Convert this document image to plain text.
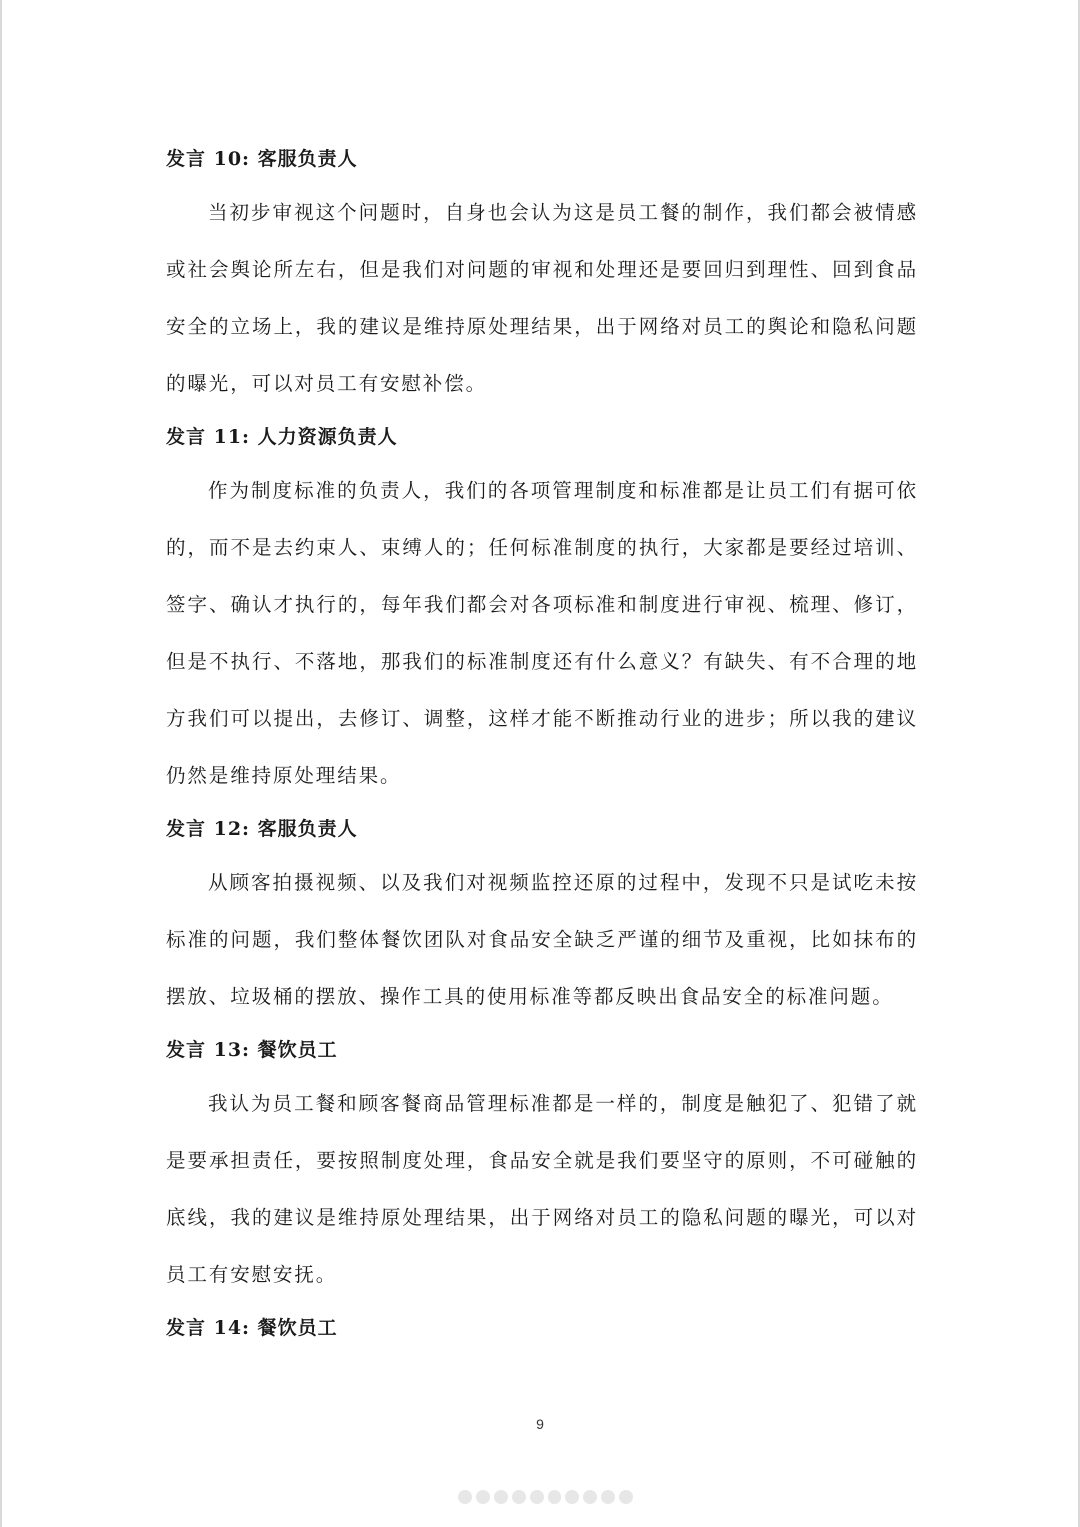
发言 10: 客服负责人

当初步审视这个问题时，自身也会认为这是员工餐的制作，我们都会被情感或社会舆论所左右，但是我们对问题的审视和处理还是要回归到理性、回到食品安全的立场上，我的建议是维持原处理结果，出于网络对员工的舆论和隐私问题的曝光，可以对员工有安慰补偿。

发言 11: 人力资源负责人

作为制度标准的负责人，我们的各项管理制度和标准都是让员工们有据可依的，而不是去约束人、束缚人的；任何标准制度的执行，大家都是要经过培训、签字、确认才执行的，每年我们都会对各项标准和制度进行审视、梳理、修订，但是不执行、不落地，那我们的标准制度还有什么意义？有缺失、有不合理的地方我们可以提出，去修订、调整，这样才能不断推动行业的进步；所以我的建议仍然是维持原处理结果。

发言 12: 客服负责人

从顾客拍摄视频、以及我们对视频监控还原的过程中，发现不只是试吃未按标准的问题，我们整体餐饮团队对食品安全缺乏严谨的细节及重视，比如抹布的摆放、垃圾桶的摆放、操作工具的使用标准等都反映出食品安全的标准问题。

发言 13: 餐饮员工

我认为员工餐和顾客餐商品管理标准都是一样的，制度是触犯了、犯错了就是要承担责任，要按照制度处理，食品安全就是我们要坚守的原则，不可碰触的底线，我的建议是维持原处理结果，出于网络对员工的隐私问题的曝光，可以对员工有安慰安抚。

发言 14: 餐饮员工

9
